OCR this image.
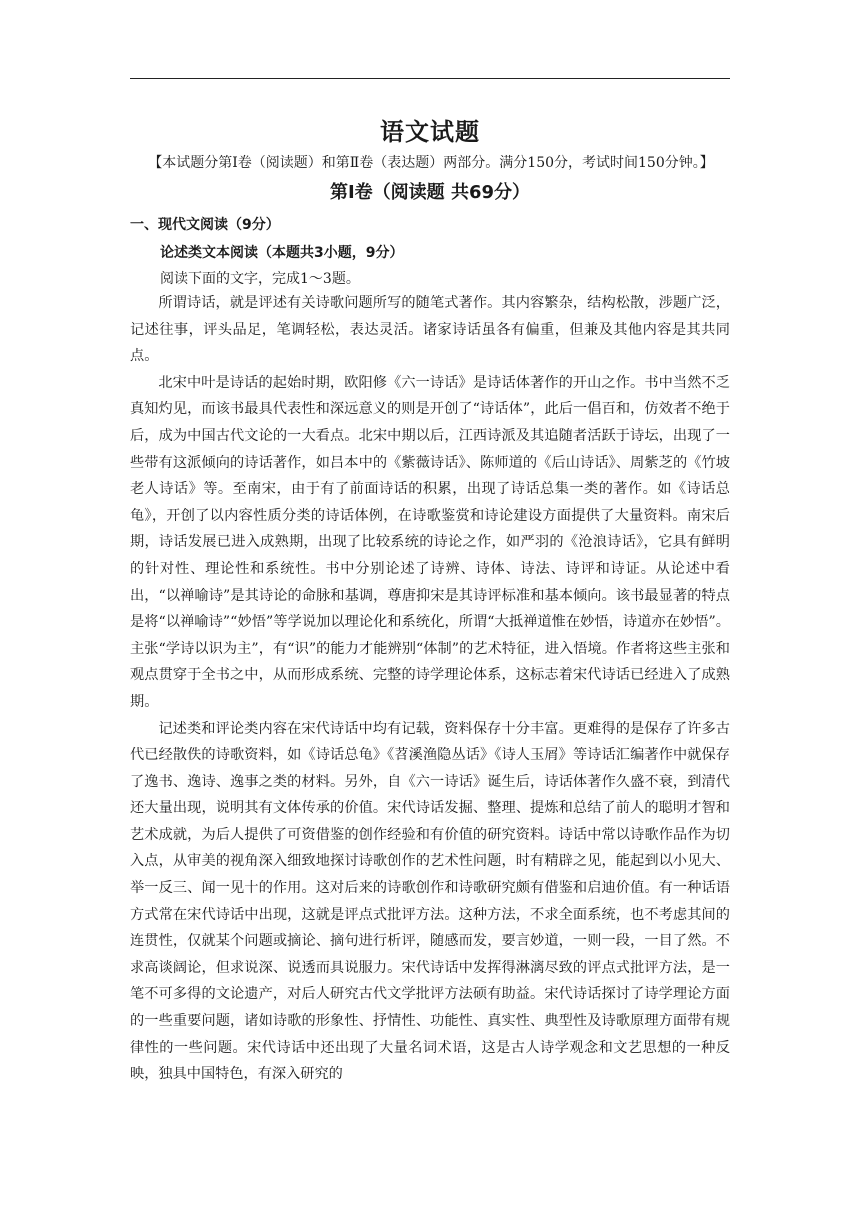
语文试题
【本试题分第Ⅰ卷（阅读题）和第Ⅱ卷（表达题）两部分。满分150分，考试时间150分钟。】
第Ⅰ卷（阅读题 共69分）
一、现代文阅读（9分）
论述类文本阅读（本题共3小题，9分）
阅读下面的文字，完成1～3题。

所谓诗话，就是评述有关诗歌问题所写的随笔式著作。其内容繁杂，结构松散，涉题广泛，记述往事，评头品足，笔调轻松，表达灵活。诸家诗话虽各有偏重，但兼及其他内容是其共同点。

北宋中叶是诗话的起始时期，欧阳修《六一诗话》是诗话体著作的开山之作。书中当然不乏真知灼见，而该书最具代表性和深远意义的则是开创了“诗话体”，此后一倡百和，仿效者不绝于后，成为中国古代文论的一大看点。北宋中期以后，江西诗派及其追随者活跃于诗坛，出现了一些带有这派倾向的诗话著作，如吕本中的《紫薇诗话》、陈师道的《后山诗话》、周紫芝的《竹坡老人诗话》等。至南宋，由于有了前面诗话的积累，出现了诗话总集一类的著作。如《诗话总龟》，开创了以内容性质分类的诗话体例，在诗歌鉴赏和诗论建设方面提供了大量资料。南宋后期，诗话发展已进入成熟期，出现了比较系统的诗论之作，如严羽的《沧浪诗话》，它具有鲜明的针对性、理论性和系统性。书中分别论述了诗辨、诗体、诗法、诗评和诗证。从论述中看出，“以禅喻诗”是其诗论的命脉和基调，尊唐抑宋是其诗评标准和基本倾向。该书最显著的特点是将“以禅喻诗”“妙悟”等学说加以理论化和系统化，所谓“大抵禅道惟在妙悟，诗道亦在妙悟”。主张“学诗以识为主”，有“识”的能力才能辨别“体制”的艺术特征，进入悟境。作者将这些主张和观点贯穿于全书之中，从而形成系统、完整的诗学理论体系，这标志着宋代诗话已经进入了成熟期。

记述类和评论类内容在宋代诗话中均有记载，资料保存十分丰富。更难得的是保存了许多古代已经散佚的诗歌资料，如《诗话总龟》《苕溪渔隐丛话》《诗人玉屑》等诗话汇编著作中就保存了逸书、逸诗、逸事之类的材料。另外，自《六一诗话》诞生后，诗话体著作久盛不衰，到清代还大量出现，说明其有文体传承的价值。宋代诗话发掘、整理、提炼和总结了前人的聪明才智和艺术成就，为后人提供了可资借鉴的创作经验和有价值的研究资料。诗话中常以诗歌作品作为切入点，从审美的视角深入细致地探讨诗歌创作的艺术性问题，时有精辟之见，能起到以小见大、举一反三、闻一见十的作用。这对后来的诗歌创作和诗歌研究颇有借鉴和启迪价值。有一种话语方式常在宋代诗话中出现，这就是评点式批评方法。这种方法，不求全面系统，也不考虑其间的连贯性，仅就某个问题或摘论、摘句进行析评，随感而发，要言妙道，一则一段，一目了然。不求高谈阔论，但求说深、说透而具说服力。宋代诗话中发挥得淋漓尽致的评点式批评方法，是一笔不可多得的文论遗产，对后人研究古代文学批评方法硕有助益。宋代诗话探讨了诗学理论方面的一些重要问题，诸如诗歌的形象性、抒情性、功能性、真实性、典型性及诗歌原理方面带有规律性的一些问题。宋代诗话中还出现了大量名词术语，这是古人诗学观念和文艺思想的一种反映，独具中国特色，有深入研究的
